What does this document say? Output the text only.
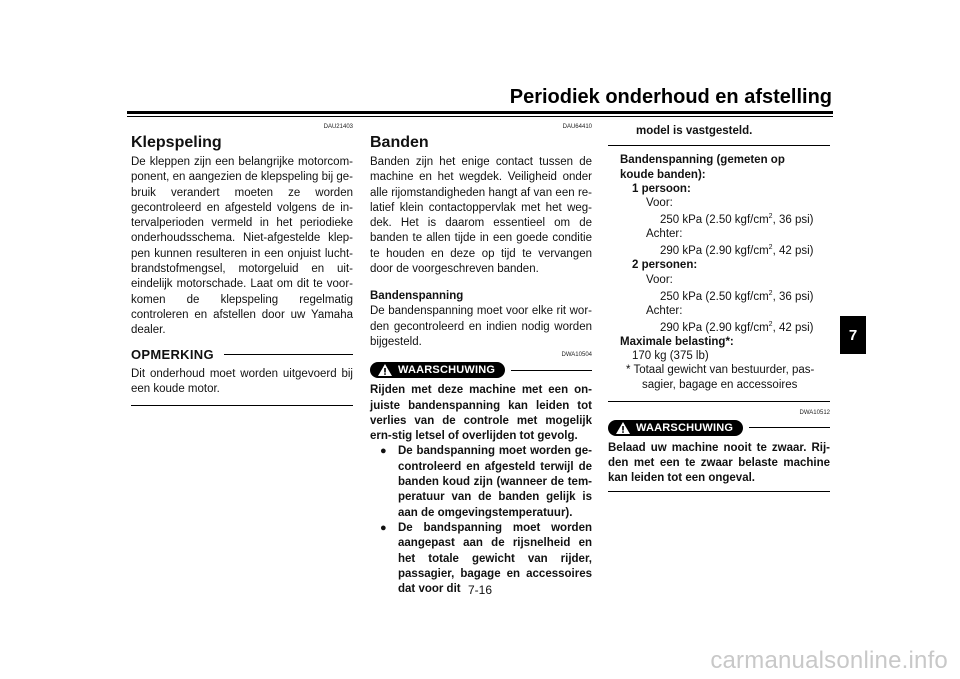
Periodiek onderhoud en afstelling
DAU21403
Klepspeling
De kleppen zijn een belangrijke motorcom-ponent, en aangezien de klepspeling bij ge-bruik verandert moeten ze worden gecontroleerd en afgesteld volgens de in-tervalperioden vermeld in het periodieke onderhoudsschema. Niet-afgestelde klep-pen kunnen resulteren in een onjuist lucht-brandstofmengsel, motorgeluid en uit-eindelijk motorschade. Laat om dit te voor-komen de klepspeling regelmatig controleren en afstellen door uw Yamaha dealer.
OPMERKING
Dit onderhoud moet worden uitgevoerd bij een koude motor.
DAU64410
Banden
Banden zijn het enige contact tussen de machine en het wegdek. Veiligheid onder alle rijomstandigheden hangt af van een re-latief klein contactoppervlak met het weg-dek. Het is daarom essentieel om de banden te allen tijde in een goede conditie te houden en deze op tijd te vervangen door de voorgeschreven banden.
Bandenspanning
De bandenspanning moet voor elke rit wor-den gecontroleerd en indien nodig worden bijgesteld.
DWA10504
WAARSCHUWING
Rijden met deze machine met een on-juiste bandenspanning kan leiden tot verlies van de controle met mogelijk ern-stig letsel of overlijden tot gevolg.
● De bandspanning moet worden ge-controleerd en afgesteld terwijl de banden koud zijn (wanneer de tem-peratuur van de banden gelijk is aan de omgevingstemperatuur).
● De bandspanning moet worden aangepast aan de rijsnelheid en het totale gewicht van rijder, passagier, bagage en accessoires dat voor dit
model is vastgesteld.
Bandenspanning (gemeten op koude banden):
1 persoon:
Voor:
250 kPa (2.50 kgf/$cm^2$, 36 psi)
Achter:
290 kPa (2.90 kgf/$cm^2$, 42 psi)
2 personen:
Voor:
250 kPa (2.50 kgf/$cm^2$, 36 psi)
Achter:
290 kPa (2.90 kgf/$cm^2$, 42 psi)
Maximale belasting*:
170 kg (375 lb)
* Totaal gewicht van bestuurder, pas-
sagier, bagage en accessoires
DWA10512
WAARSCHUWING
Belaad uw machine nooit te zwaar. Rij-den met een te zwaar belaste machine kan leiden tot een ongeval.
7
7-16
carmanualsonline.info
